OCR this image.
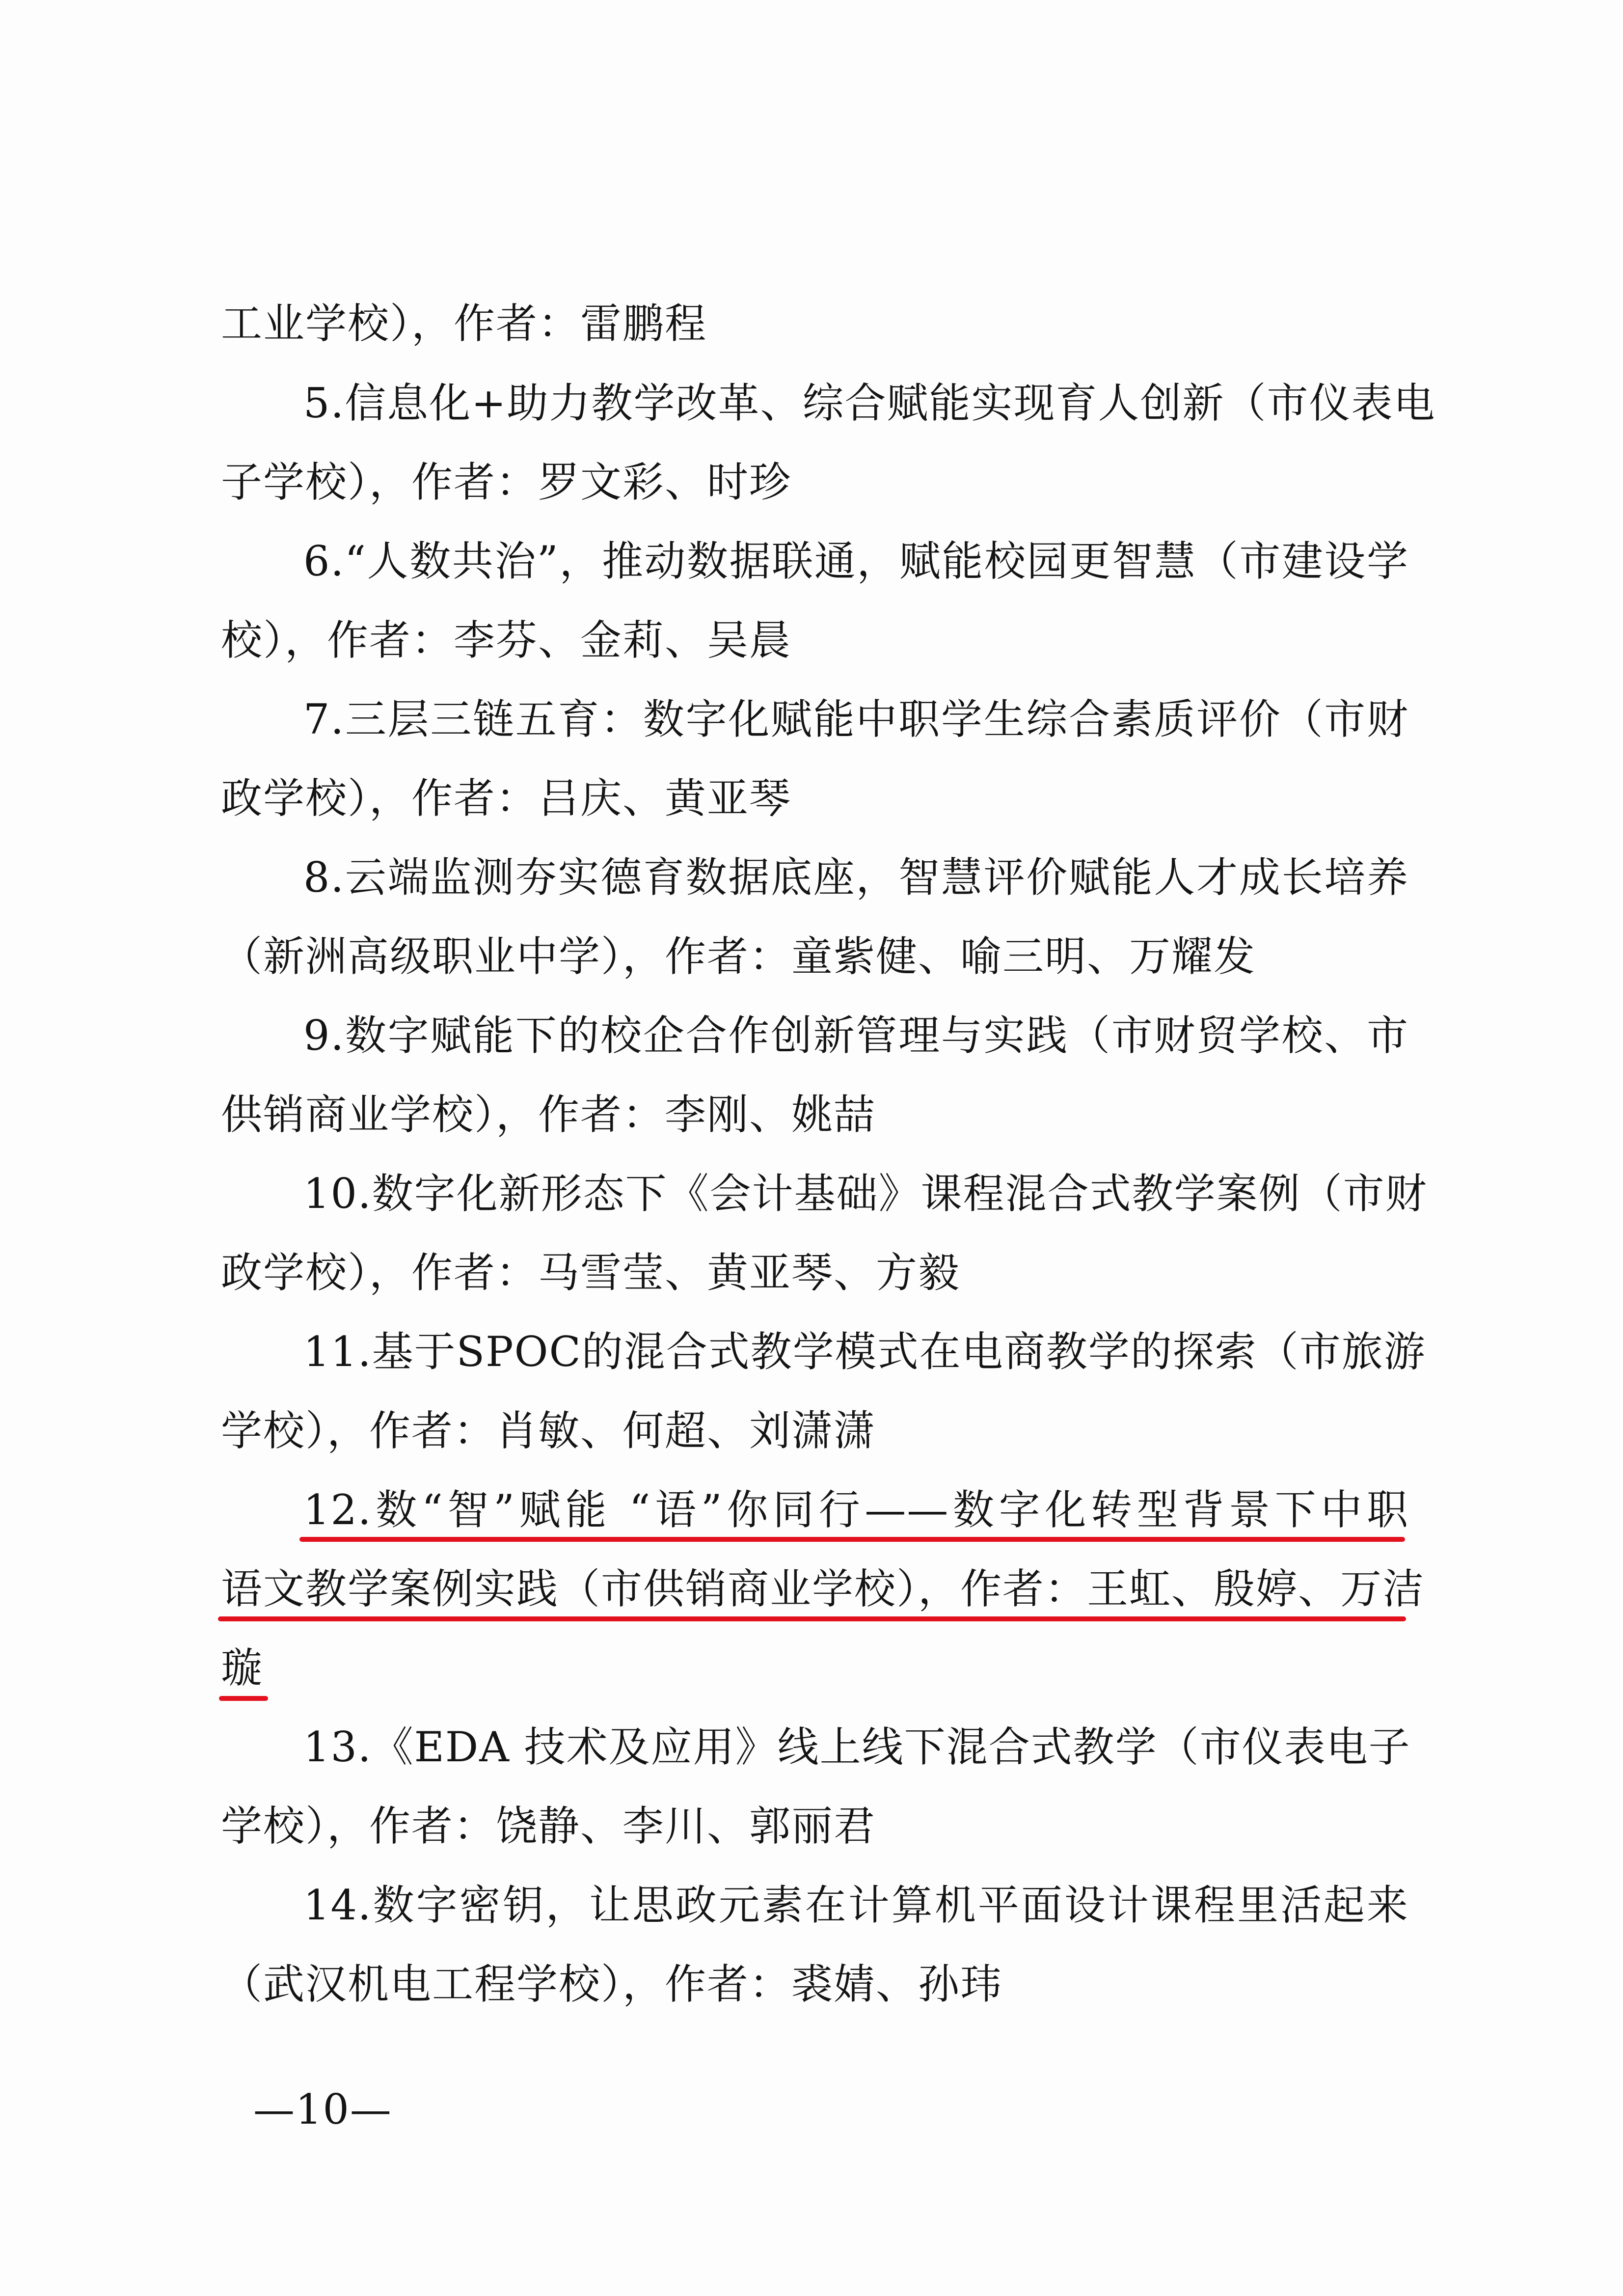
工业学校），作者：雷鹏程
5.信息化+助力教学改革、综合赋能实现育人创新（市仪表电
子学校），作者：罗文彩、时珍
6.“人数共治”，推动数据联通，赋能校园更智慧（市建设学
校），作者：李芬、金莉、吴晨
7.三层三链五育：数字化赋能中职学生综合素质评价（市财
政学校），作者：吕庆、黄亚琴
8.云端监测夯实德育数据底座，智慧评价赋能人才成长培养
（新洲高级职业中学），作者：童紫健、喻三明、万耀发
9.数字赋能下的校企合作创新管理与实践（市财贸学校、市
供销商业学校），作者：李刚、姚喆
10.数字化新形态下《会计基础》课程混合式教学案例（市财
政学校），作者：马雪莹、黄亚琴、方毅
11.基于SPOC的混合式教学模式在电商教学的探索（市旅游
学校），作者：肖敏、何超、刘潇潇
12.数“智”赋能 “语”你同行——数字化转型背景下中职
语文教学案例实践（市供销商业学校），作者：王虹、殷婷、万洁
璇
13.《EDA 技术及应用》线上线下混合式教学（市仪表电子
学校），作者：饶静、李川、郭丽君
14.数字密钥，让思政元素在计算机平面设计课程里活起来
（武汉机电工程学校），作者：裘婧、孙玮
—10—
